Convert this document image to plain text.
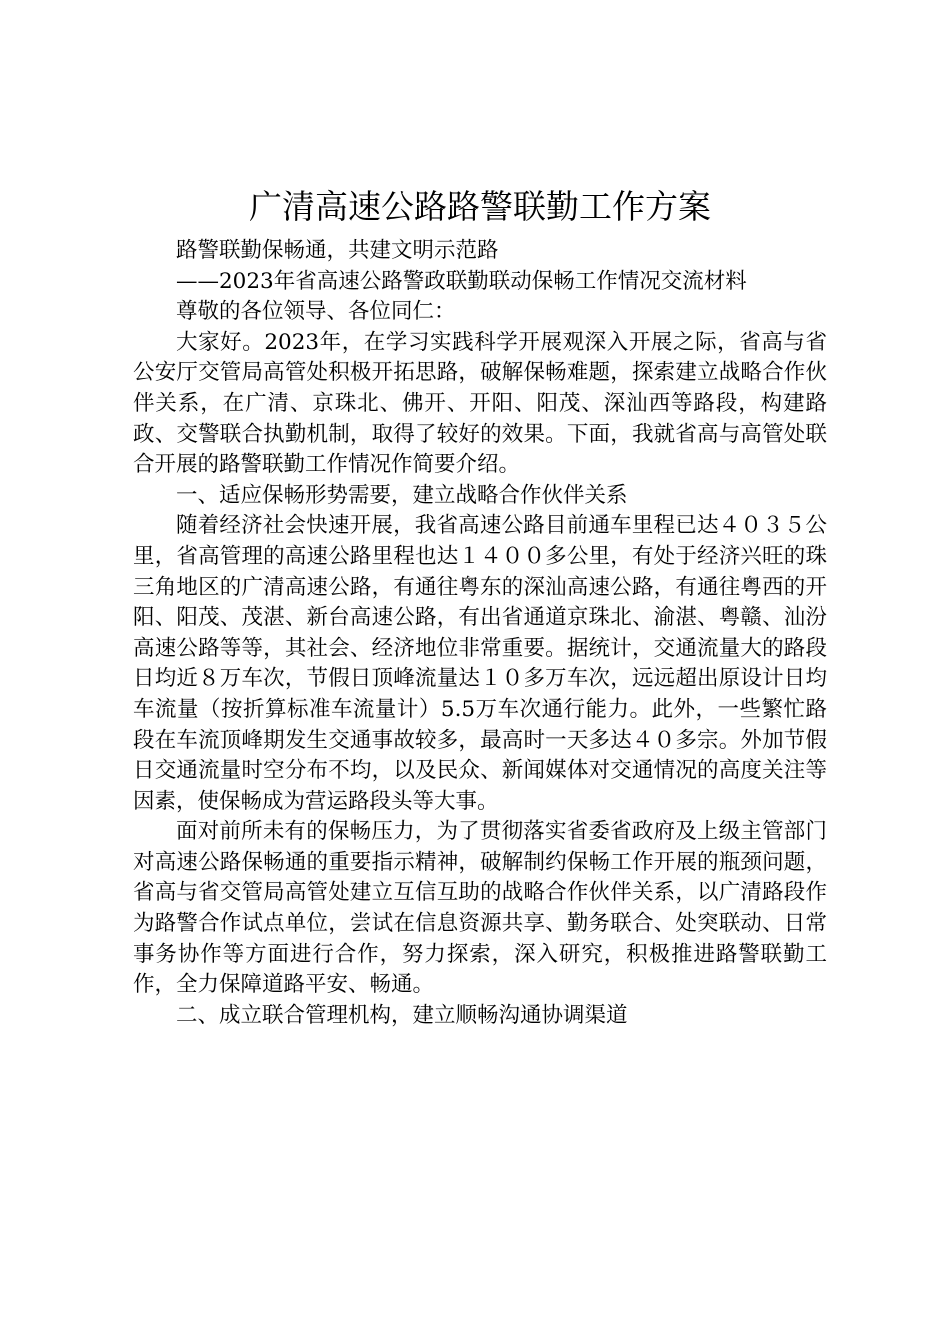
广清高速公路路警联勤工作方案

路警联勤保畅通，共建文明示范路

——2023年省高速公路警政联勤联动保畅工作情况交流材料

尊敬的各位领导、各位同仁：

大家好。2023年，在学习实践科学开展观深入开展之际，省高与省公安厅交管局高管处积极开拓思路，破解保畅难题，探索建立战略合作伙伴关系，在广清、京珠北、佛开、开阳、阳茂、深汕西等路段，构建路政、交警联合执勤机制，取得了较好的效果。下面，我就省高与高管处联合开展的路警联勤工作情况作简要介绍。

一、适应保畅形势需要，建立战略合作伙伴关系

随着经济社会快速开展，我省高速公路目前通车里程已达４０３５公里，省高管理的高速公路里程也达１４００多公里，有处于经济兴旺的珠三角地区的广清高速公路，有通往粤东的深汕高速公路，有通往粤西的开阳、阳茂、茂湛、新台高速公路，有出省通道京珠北、渝湛、粤赣、汕汾高速公路等等，其社会、经济地位非常重要。据统计，交通流量大的路段日均近８万车次，节假日顶峰流量达１０多万车次，远远超出原设计日均车流量（按折算标准车流量计）5.5万车次通行能力。此外，一些繁忙路段在车流顶峰期发生交通事故较多，最高时一天多达４０多宗。外加节假日交通流量时空分布不均，以及民众、新闻媒体对交通情况的高度关注等因素，使保畅成为营运路段头等大事。

面对前所未有的保畅压力，为了贯彻落实省委省政府及上级主管部门对高速公路保畅通的重要指示精神，破解制约保畅工作开展的瓶颈问题，省高与省交管局高管处建立互信互助的战略合作伙伴关系，以广清路段作为路警合作试点单位，尝试在信息资源共享、勤务联合、处突联动、日常事务协作等方面进行合作，努力探索，深入研究，积极推进路警联勤工作，全力保障道路平安、畅通。

二、成立联合管理机构，建立顺畅沟通协调渠道
